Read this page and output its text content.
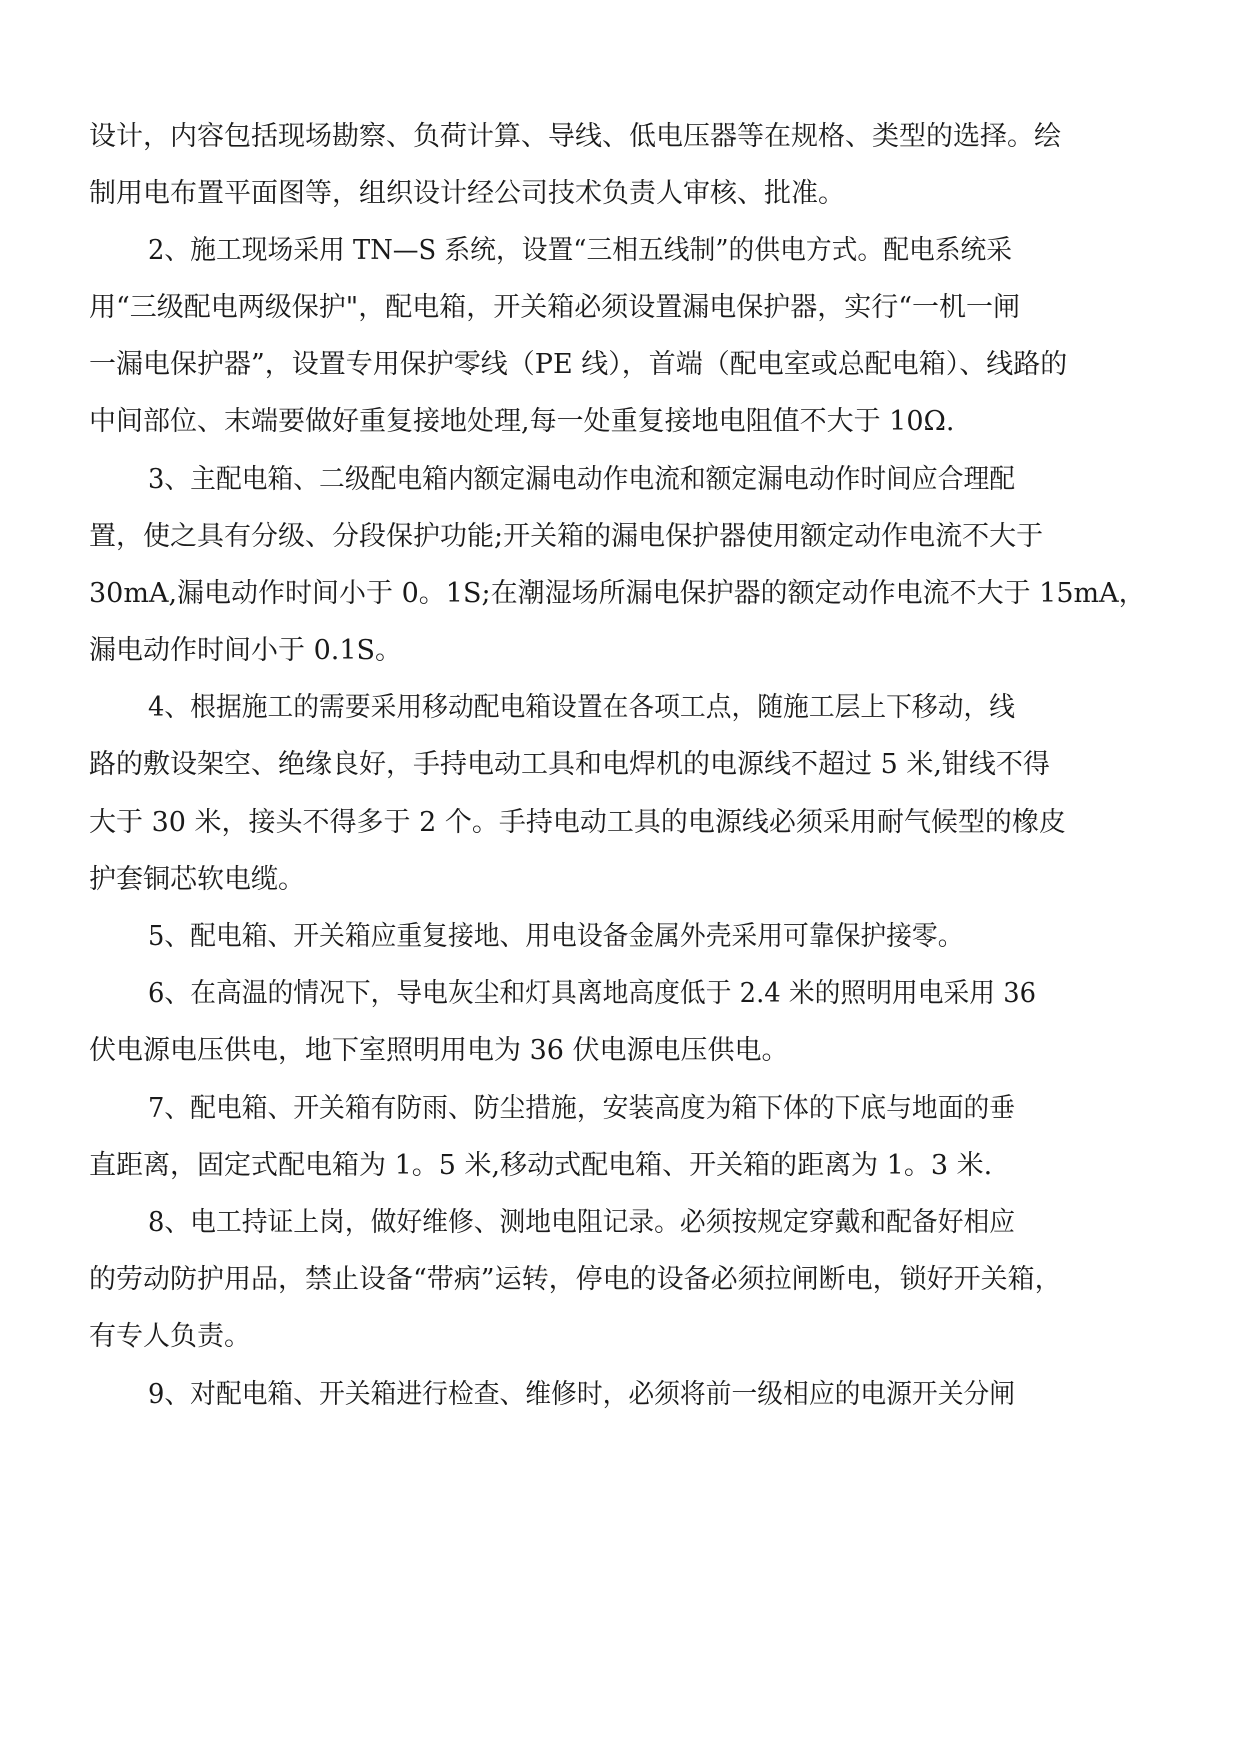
设计，内容包括现场勘察、负荷计算、导线、低电压器等在规格、类型的选择。绘
制用电布置平面图等，组织设计经公司技术负责人审核、批准。
2、施工现场采用 TN—S 系统，设置“三相五线制”的供电方式。配电系统采
用“三级配电两级保护"，配电箱，开关箱必须设置漏电保护器，实行“一机一闸
一漏电保护器”，设置专用保护零线（PE 线），首端（配电室或总配电箱）、线路的
中间部位、末端要做好重复接地处理,每一处重复接地电阻值不大于 10Ω.
3、主配电箱、二级配电箱内额定漏电动作电流和额定漏电动作时间应合理配
置，使之具有分级、分段保护功能;开关箱的漏电保护器使用额定动作电流不大于
30mA,漏电动作时间小于 0。1S;在潮湿场所漏电保护器的额定动作电流不大于 15mA，
漏电动作时间小于 0.1S。
4、根据施工的需要采用移动配电箱设置在各项工点，随施工层上下移动，线
路的敷设架空、绝缘良好，手持电动工具和电焊机的电源线不超过 5 米,钳线不得
大于 30 米，接头不得多于 2 个。手持电动工具的电源线必须采用耐气候型的橡皮
护套铜芯软电缆。
5、配电箱、开关箱应重复接地、用电设备金属外壳采用可靠保护接零。
6、在高温的情况下，导电灰尘和灯具离地高度低于 2.4 米的照明用电采用 36
伏电源电压供电，地下室照明用电为 36 伏电源电压供电。
7、配电箱、开关箱有防雨、防尘措施，安装高度为箱下体的下底与地面的垂
直距离，固定式配电箱为 1。5 米,移动式配电箱、开关箱的距离为 1。3 米.
8、电工持证上岗，做好维修、测地电阻记录。必须按规定穿戴和配备好相应
的劳动防护用品，禁止设备“带病”运转，停电的设备必须拉闸断电，锁好开关箱，
有专人负责。
9、对配电箱、开关箱进行检查、维修时，必须将前一级相应的电源开关分闸
